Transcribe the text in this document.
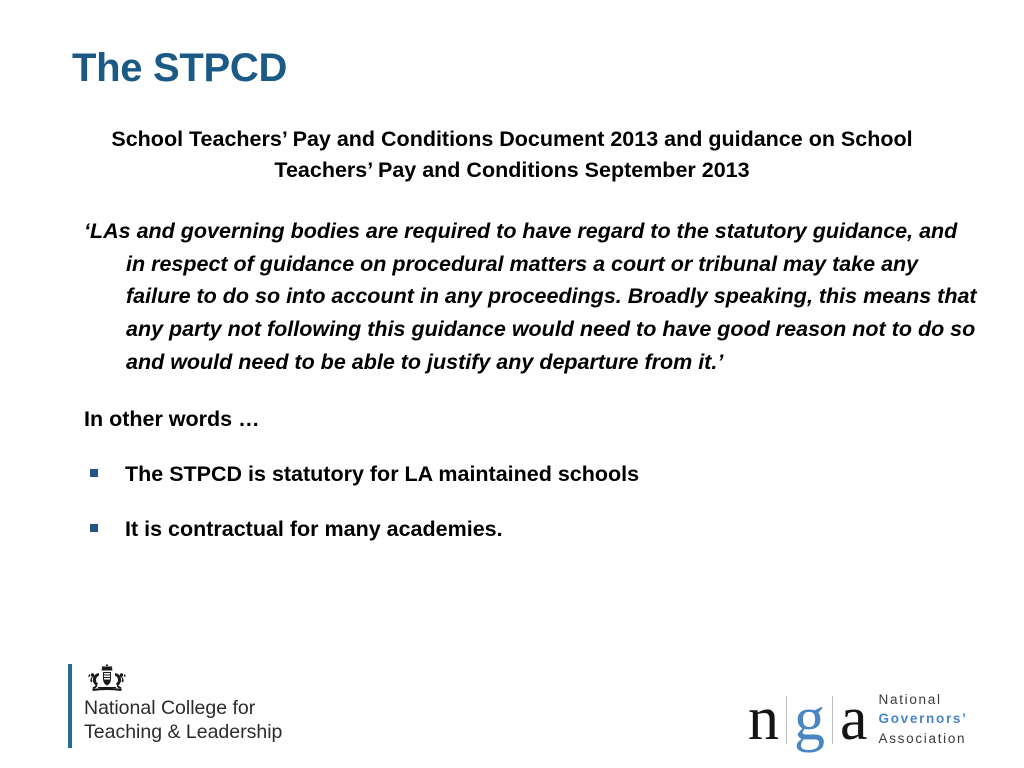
The STPCD

School Teachers’ Pay and Conditions Document 2013 and guidance on School Teachers’ Pay and Conditions September 2013

‘LAs and governing bodies are required to have regard to the statutory guidance, and in respect of guidance on procedural matters a court or tribunal may take any failure to do so into account in any proceedings. Broadly speaking, this means that any party not following this guidance would need to have good reason not to do so and would need to be able to justify any departure from it.’

In other words …

The STPCD is statutory for LA maintained schools
It is contractual for many academies.
National College for
Teaching & Leadership	n g a National
Governors’
Association
